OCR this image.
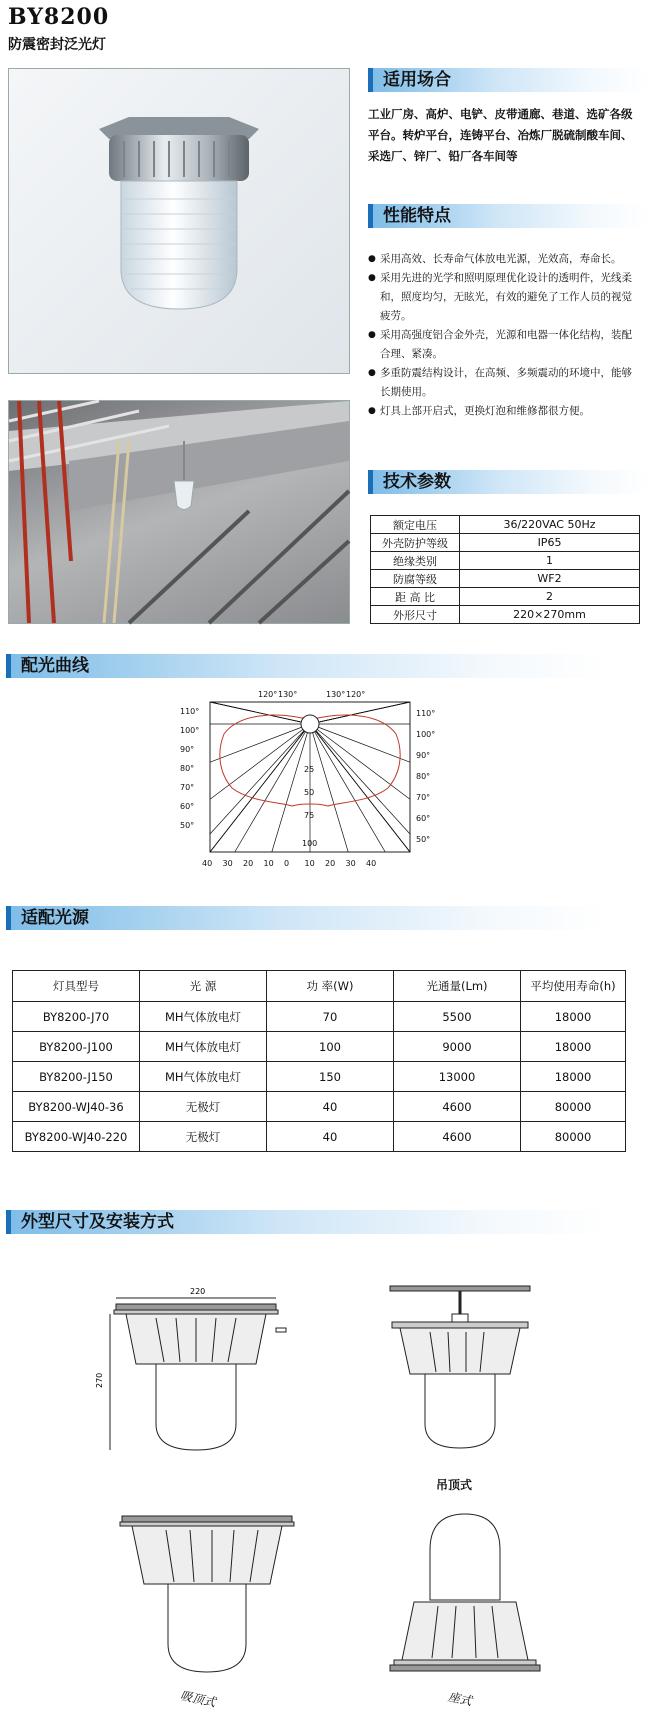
BY8200
防震密封泛光灯
适用场合
工业厂房、高炉、电铲、皮带通廊、巷道、选矿各级平台。转炉平台，连铸平台、冶炼厂脱硫制酸车间、采选厂、锌厂、铅厂各车间等
性能特点
● 采用高效、长寿命气体放电光源，光效高，寿命长。
● 采用先进的光学和照明原理优化设计的透明件，光线柔和，照度均匀，无眩光，有效的避免了工作人员的视觉疲劳。
● 采用高强度铝合金外壳，光源和电器一体化结构，装配合理、紧凑。
● 多重防震结构设计，在高频、多频震动的环境中，能够长期使用。
● 灯具上部开启式，更换灯泡和维修都很方便。
技术参数
额定电压	36/220VAC 50Hz
外壳防护等级	IP65
绝缘类别	1
防腐等级	WF2
距 高 比	2
外形尺寸	220×270mm
配光曲线
120° 130°	130° 120°
110°
100°
90°
80°
70°
60°
50°
110°
100°
90°
80°
70°
60°
50°
25
50
75
100
40 30 20 10 0 10 20 30 40
适配光源
灯具型号	光 源	功 率(W)	光通量(Lm)	平均使用寿命(h)
BY8200-J70	MH气体放电灯	70	5500	18000
BY8200-J100	MH气体放电灯	100	9000	18000
BY8200-J150	MH气体放电灯	150	13000	18000
BY8200-WJ40-36	无极灯	40	4600	80000
BY8200-WJ40-220	无极灯	40	4600	80000
外型尺寸及安装方式
220
270
吊顶式
吸顶式	座式
